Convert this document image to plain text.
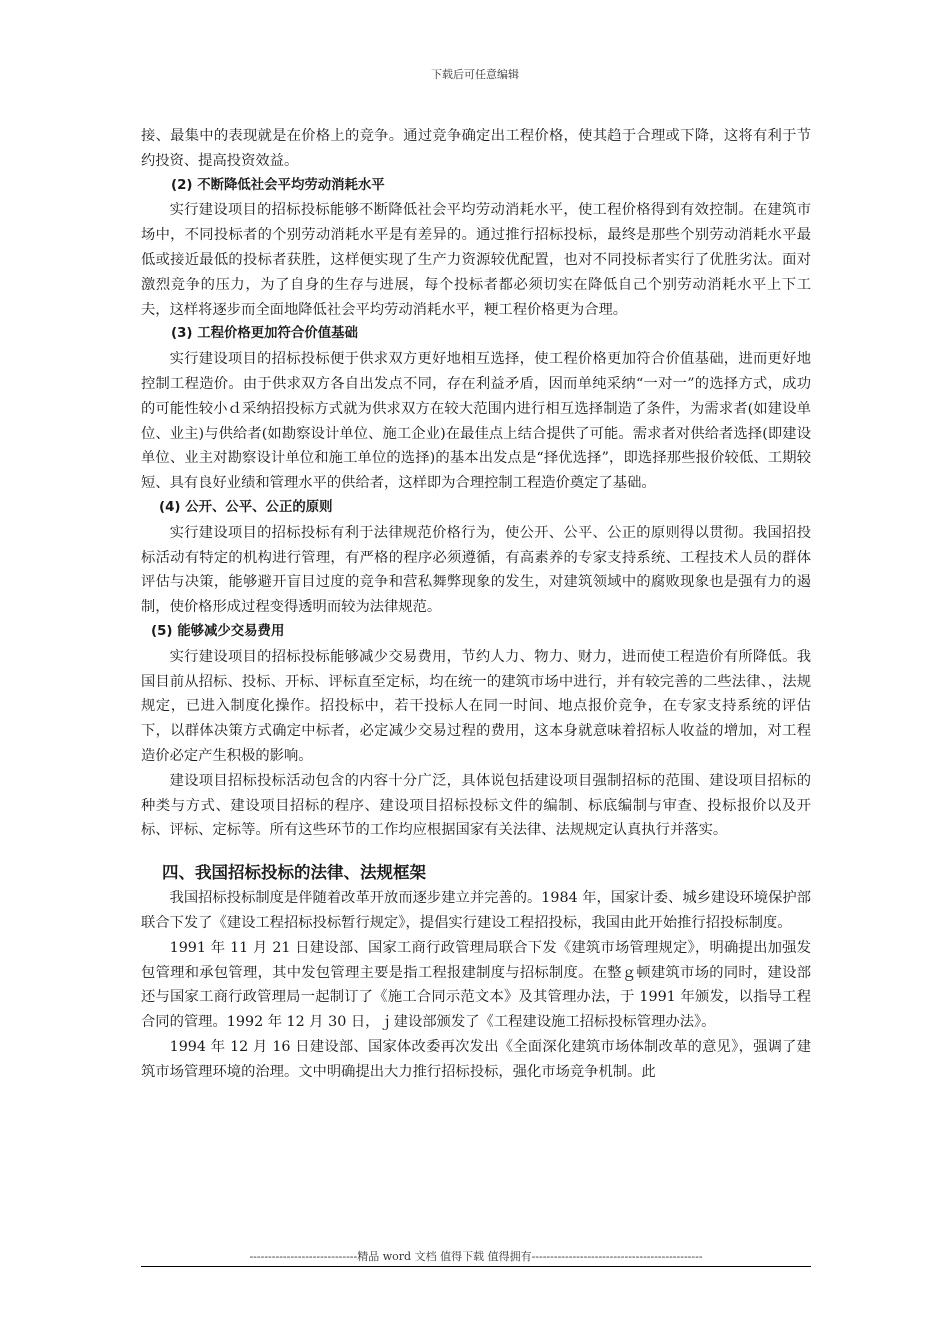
下载后可任意编辑

接、最集中的表现就是在价格上的竞争。通过竞争确定出工程价格，使其趋于合理或下降，这将有利于节约投资、提高投资效益。

(2) 不断降低社会平均劳动消耗水平

实行建设项目的招标投标能够不断降低社会平均劳动消耗水平，使工程价格得到有效控制。在建筑市场中，不同投标者的个别劳动消耗水平是有差异的。通过推行招标投标，最终是那些个别劳动消耗水平最低或接近最低的投标者获胜，这样便实现了生产力资源较优配置，也对不同投标者实行了优胜劣汰。面对激烈竞争的压力，为了自身的生存与进展，每个投标者都必须切实在降低自己个别劳动消耗水平上下工夫，这样将逐步而全面地降低社会平均劳动消耗水平，粳工程价格更为合理。

(3) 工程价格更加符合价值基础

实行建设项目的招标投标便于供求双方更好地相互选择，使工程价格更加符合价值基础，进而更好地控制工程造价。由于供求双方各自出发点不同，存在利益矛盾，因而单纯采纳“一对一”的选择方式，成功的可能性较小ｄ采纳招投标方式就为供求双方在较大范围内进行相互选择制造了条件，为需求者(如建设单位、业主)与供给者(如勘察设计单位、施工企业)在最佳点上结合提供了可能。需求者对供给者选择(即建设单位、业主对勘察设计单位和施工单位的选择)的基本出发点是“择优选择”，即选择那些报价较低、工期较短、具有良好业绩和管理水平的供给者，这样即为合理控制工程造价奠定了基础。

(4) 公开、公平、公正的原则

实行建设项目的招标投标有利于法律规范价格行为，使公开、公平、公正的原则得以贯彻。我国招投标活动有特定的机构进行管理，有严格的程序必须遵循，有高素养的专家支持系统、工程技术人员的群体评估与决策，能够避开盲目过度的竞争和营私舞弊现象的发生，对建筑领域中的腐败现象也是强有力的遏制，使价格形成过程变得透明而较为法律规范。

(5) 能够减少交易费用

实行建设项目的招标投标能够减少交易费用，节约人力、物力、财力，进而使工程造价有所降低。我国目前从招标、投标、开标、评标直至定标，均在统一的建筑市场中进行，并有较完善的二些法律、，法规规定，已进入制度化操作。招投标中，若干投标人在同一时间、地点报价竞争，在专家支持系统的评估下，以群体决策方式确定中标者，必定减少交易过程的费用，这本身就意味着招标人收益的增加，对工程造价必定产生积极的影响。

建设项目招标投标活动包含的内容十分广泛，具体说包括建设项目强制招标的范围、建设项目招标的种类与方式、建设项目招标的程序、建设项目招标投标文件的编制、标底编制与审查、投标报价以及开标、评标、定标等。所有这些环节的工作均应根据国家有关法律、法规规定认真执行并落实。

四、我国招标投标的法律、法规框架

我国招标投标制度是伴随着改革开放而逐步建立并完善的。1984 年，国家计委、城乡建设环境保护部联合下发了《建设工程招标投标暂行规定》，提倡实行建设工程招投标，我国由此开始推行招投标制度。

1991 年 11 月 21 日建设部、国家工商行政管理局联合下发《建筑市场管理规定》，明确提出加强发包管理和承包管理，其中发包管理主要是指工程报建制度与招标制度。在整ｇ顿建筑市场的同时，建设部还与国家工商行政管理局一起制订了《施工合同示范文本》及其管理办法，于 1991 年颁发，以指导工程合同的管理。1992 年 12 月 30 日，ｊ建设部颁发了《工程建设施工招标投标管理办法》。

1994 年 12 月 16 日建设部、国家体改委再次发出《全面深化建筑市场体制改革的意见》，强调了建筑市场管理环境的治理。文中明确提出大力推行招标投标，强化市场竞争机制。此

-----------------------------精品 word 文档 值得下载 值得拥有----------------------------------------------
